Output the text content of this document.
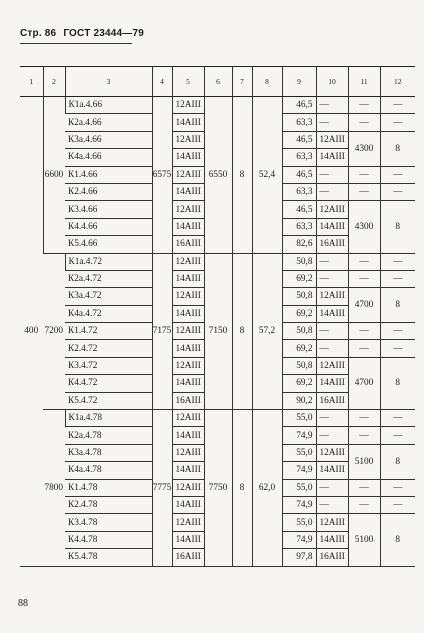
Стр. 86 ГОСТ 23444—79
1	2	3	4	5	6	7	8	9	10	11	12
400	6600	К1а.4.66	6575	12АIII	6550	8	52,4	46,5	—	—	—
		К2а.4.66		14АIII				63,3	—	—	—
		К3а.4.66		12АIII				46,5	12АIII	4300	8
		К4а.4.66		14АIII				63,3	14АIII		
		К1.4.66		12АIII				46,5	—	—	—
		К2.4.66		14АIII				63,3	—	—	—
		К3.4.66		12АIII				46,5	12АIII	4300	8
		К4.4.66		14АIII				63,3	14АIII		
		К5.4.66		16АIII				82,6	16АIII		
	7200	К1а.4.72	7175	12АIII	7150	8	57,2	50,8	—	—	—
		К2а.4.72		14АIII				69,2	—	—	—
		К3а.4.72		12АIII				50,8	12АIII	4700	8
		К4а.4.72		14АIII				69,2	14АIII		
		К1.4.72		12АIII				50,8	—	—	—
		К2.4.72		14АIII				69,2	—	—	—
		К3.4.72		12АIII				50,8	12АIII	4700	8
		К4.4.72		14АIII				69,2	14АIII		
		К5.4.72		16АIII				90,2	16АIII		
	7800	К1а.4.78	7775	12АIII	7750	8	62,0	55,0	—	—	—
		К2а.4.78		14АIII				74,9	—	—	—
		К3а.4.78		12АIII				55,0	12АIII	5100	8
		К4а.4.78		14АIII				74,9	14АIII		
		К1.4.78		12АIII				55,0	—	—	—
		К2.4.78		14АIII				74,9	—	—	—
		К3.4.78		12АIII				55,0	12АIII	5100	8
		К4.4.78		14АIII				74,9	14АIII		
		К5.4.78		16АIII				97,8	16АIII		
88
